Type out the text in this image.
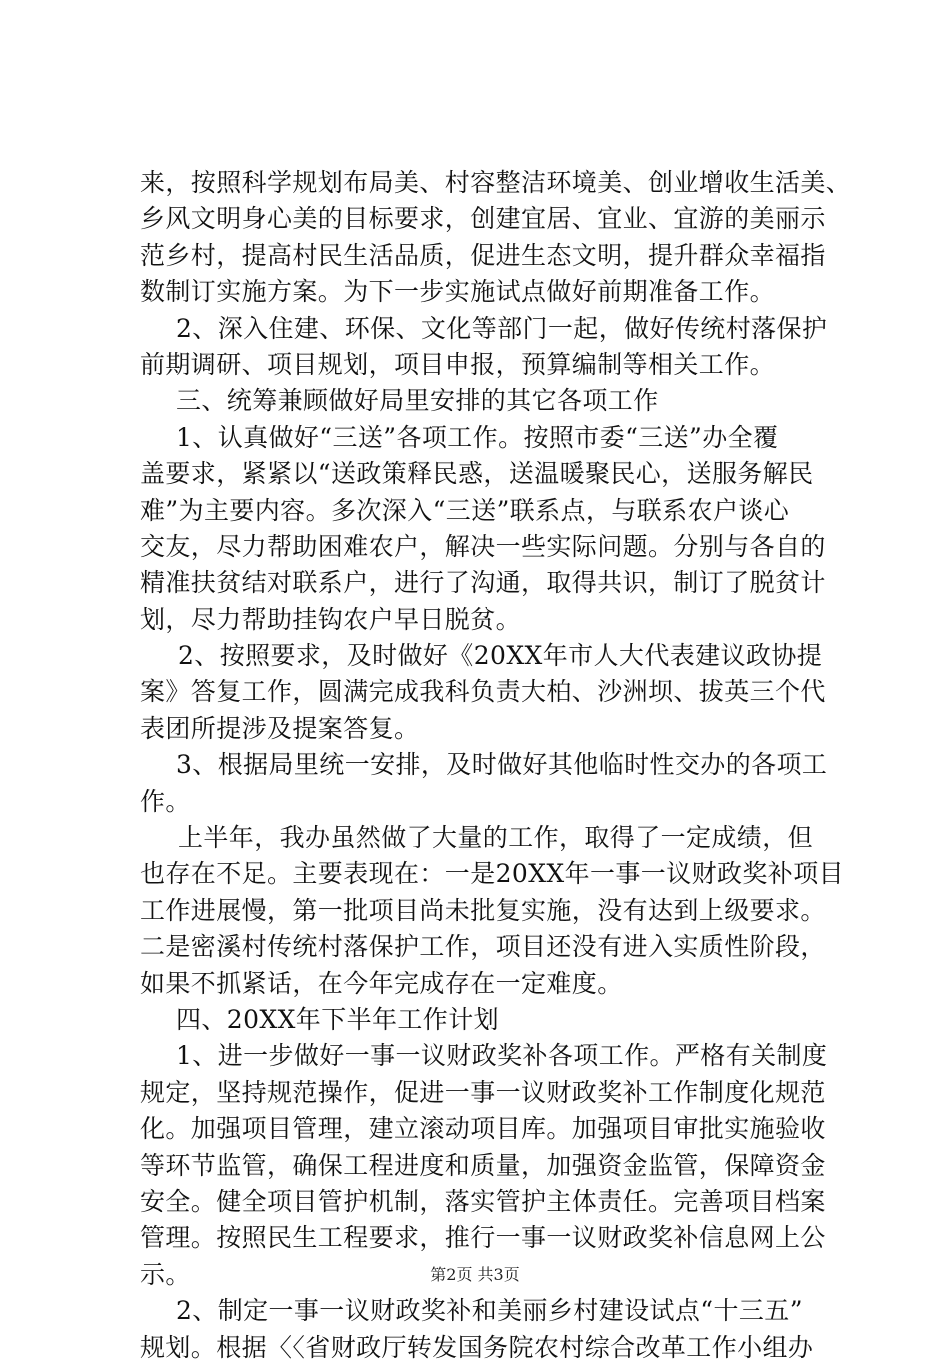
来，按照科学规划布局美、村容整洁环境美、创业增收生活美、
乡风文明身心美的目标要求，创建宜居、宜业、宜游的美丽示
范乡村，提高村民生活品质，促进生态文明，提升群众幸福指
数制订实施方案。为下一步实施试点做好前期准备工作。
2、深入住建、环保、文化等部门一起，做好传统村落保护
前期调研、项目规划，项目申报，预算编制等相关工作。
三、统筹兼顾做好局里安排的其它各项工作
1、认真做好“三送”各项工作。按照市委“三送”办全覆
盖要求，紧紧以“送政策释民惑，送温暖聚民心，送服务解民
难”为主要内容。多次深入“三送”联系点，与联系农户谈心
交友，尽力帮助困难农户，解决一些实际问题。分别与各自的
精准扶贫结对联系户，进行了沟通，取得共识，制订了脱贫计
划，尽力帮助挂钩农户早日脱贫。
2、按照要求，及时做好《20XX年市人大代表建议政协提
案》答复工作，圆满完成我科负责大柏、沙洲坝、拔英三个代
表团所提涉及提案答复。
3、根据局里统一安排，及时做好其他临时性交办的各项工
作。
上半年，我办虽然做了大量的工作，取得了一定成绩，但
也存在不足。主要表现在：一是20XX年一事一议财政奖补项目
工作进展慢，第一批项目尚未批复实施，没有达到上级要求。
二是密溪村传统村落保护工作，项目还没有进入实质性阶段，
如果不抓紧话，在今年完成存在一定难度。
四、20XX年下半年工作计划
1、进一步做好一事一议财政奖补各项工作。严格有关制度
规定，坚持规范操作，促进一事一议财政奖补工作制度化规范
化。加强项目管理，建立滚动项目库。加强项目审批实施验收
等环节监管，确保工程进度和质量，加强资金监管，保障资金
安全。健全项目管护机制，落实管护主体责任。完善项目档案
管理。按照民生工程要求，推行一事一议财政奖补信息网上公
示。
2、制定一事一议财政奖补和美丽乡村建设试点“十三五”
规划。根据〈〈省财政厅转发国务院农村综合改革工作小组办
第2页 共3页
